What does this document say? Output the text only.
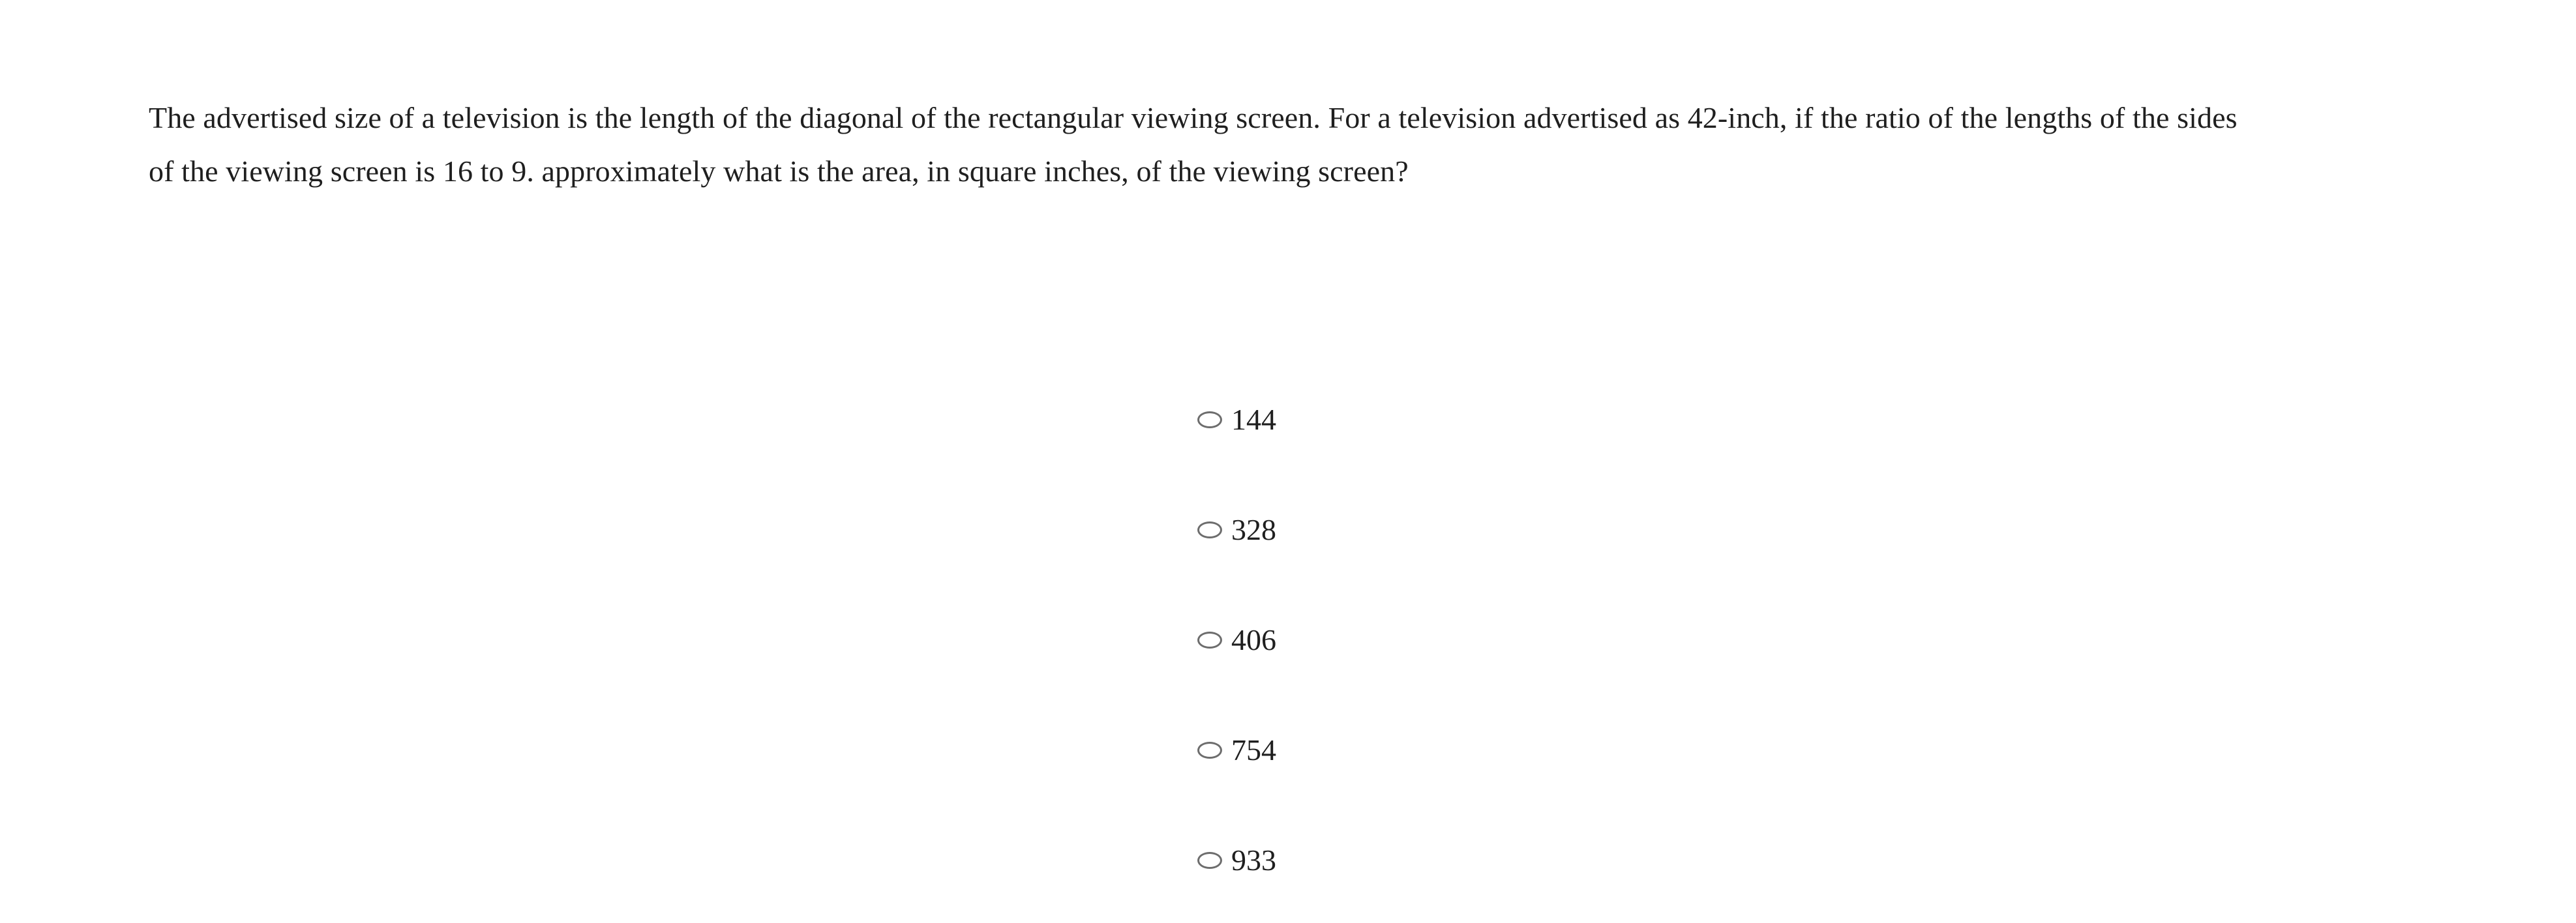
The advertised size of a television is the length of the diagonal of the rectangular viewing screen. For a television advertised as 42-inch, if the ratio of the lengths of the sides of the viewing screen is 16 to 9. approximately what is the area, in square inches, of the viewing screen?
144
328
406
754
933
